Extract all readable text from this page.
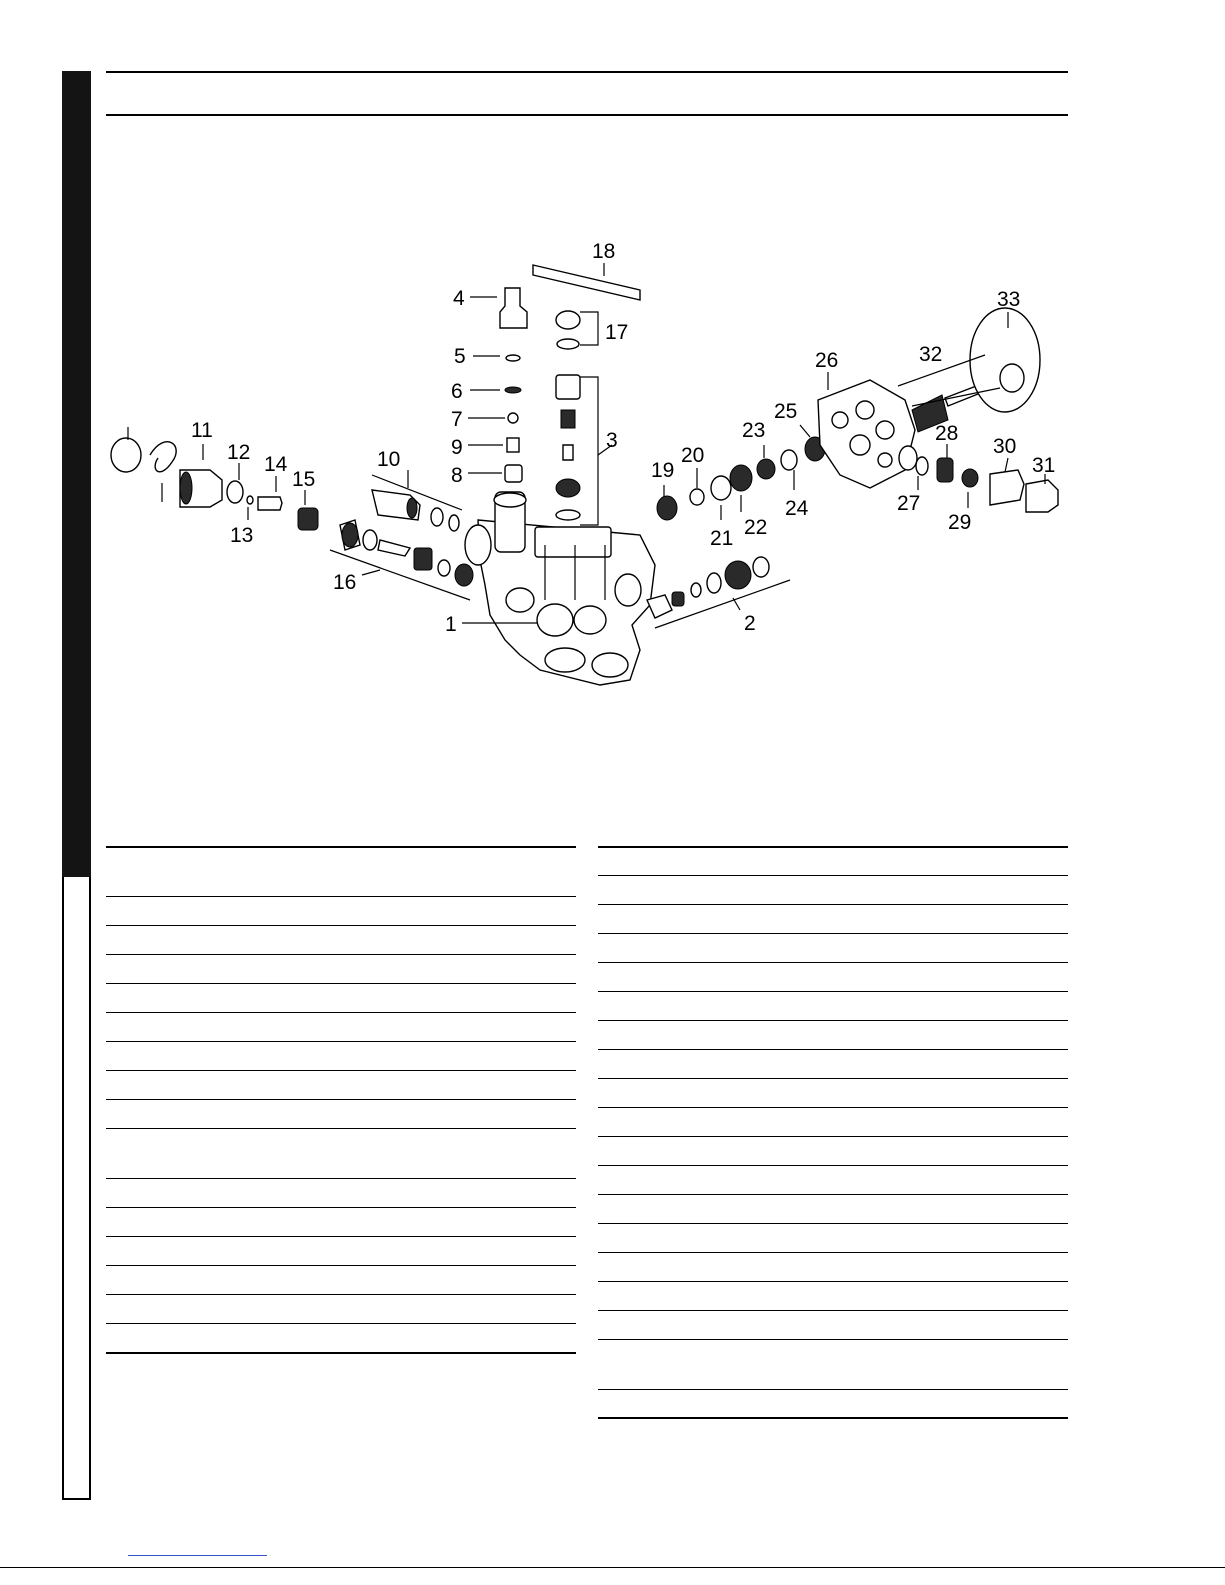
1	2
3
4
5
6
7
9
8
10
11
12
13
14
15
16
17
18
19
20
21 22
23
24
25
26
27
28
29
30
31
32
33
